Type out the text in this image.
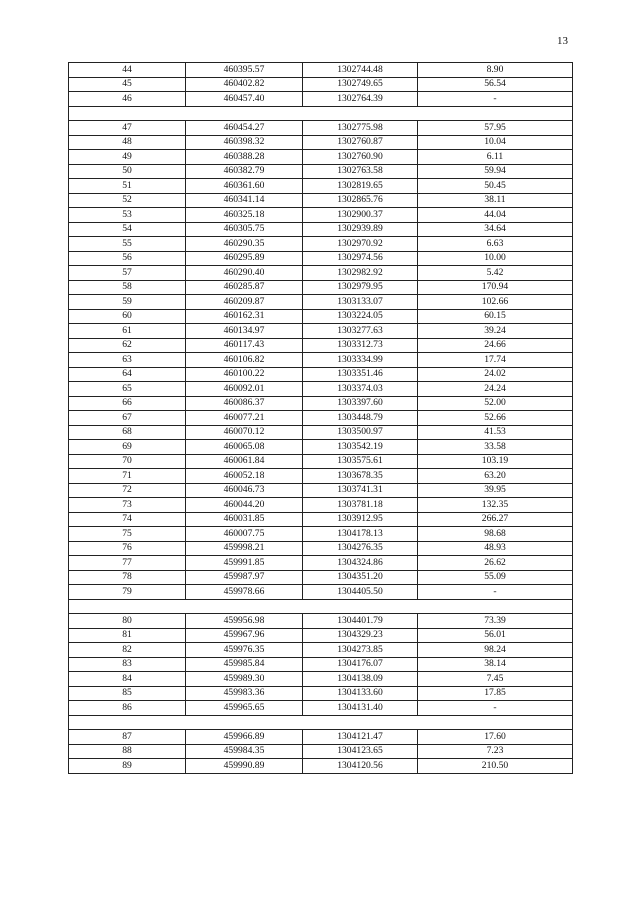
13
44	460395.57	1302744.48	8.90
45	460402.82	1302749.65	56.54
46	460457.40	1302764.39	-

47	460454.27	1302775.98	57.95
48	460398.32	1302760.87	10.04
49	460388.28	1302760.90	6.11
50	460382.79	1302763.58	59.94
51	460361.60	1302819.65	50.45
52	460341.14	1302865.76	38.11
53	460325.18	1302900.37	44.04
54	460305.75	1302939.89	34.64
55	460290.35	1302970.92	6.63
56	460295.89	1302974.56	10.00
57	460290.40	1302982.92	5.42
58	460285.87	1302979.95	170.94
59	460209.87	1303133.07	102.66
60	460162.31	1303224.05	60.15
61	460134.97	1303277.63	39.24
62	460117.43	1303312.73	24.66
63	460106.82	1303334.99	17.74
64	460100.22	1303351.46	24.02
65	460092.01	1303374.03	24.24
66	460086.37	1303397.60	52.00
67	460077.21	1303448.79	52.66
68	460070.12	1303500.97	41.53
69	460065.08	1303542.19	33.58
70	460061.84	1303575.61	103.19
71	460052.18	1303678.35	63.20
72	460046.73	1303741.31	39.95
73	460044.20	1303781.18	132.35
74	460031.85	1303912.95	266.27
75	460007.75	1304178.13	98.68
76	459998.21	1304276.35	48.93
77	459991.85	1304324.86	26.62
78	459987.97	1304351.20	55.09
79	459978.66	1304405.50	-

80	459956.98	1304401.79	73.39
81	459967.96	1304329.23	56.01
82	459976.35	1304273.85	98.24
83	459985.84	1304176.07	38.14
84	459989.30	1304138.09	7.45
85	459983.36	1304133.60	17.85
86	459965.65	1304131.40	-

87	459966.89	1304121.47	17.60
88	459984.35	1304123.65	7.23
89	459990.89	1304120.56	210.50
